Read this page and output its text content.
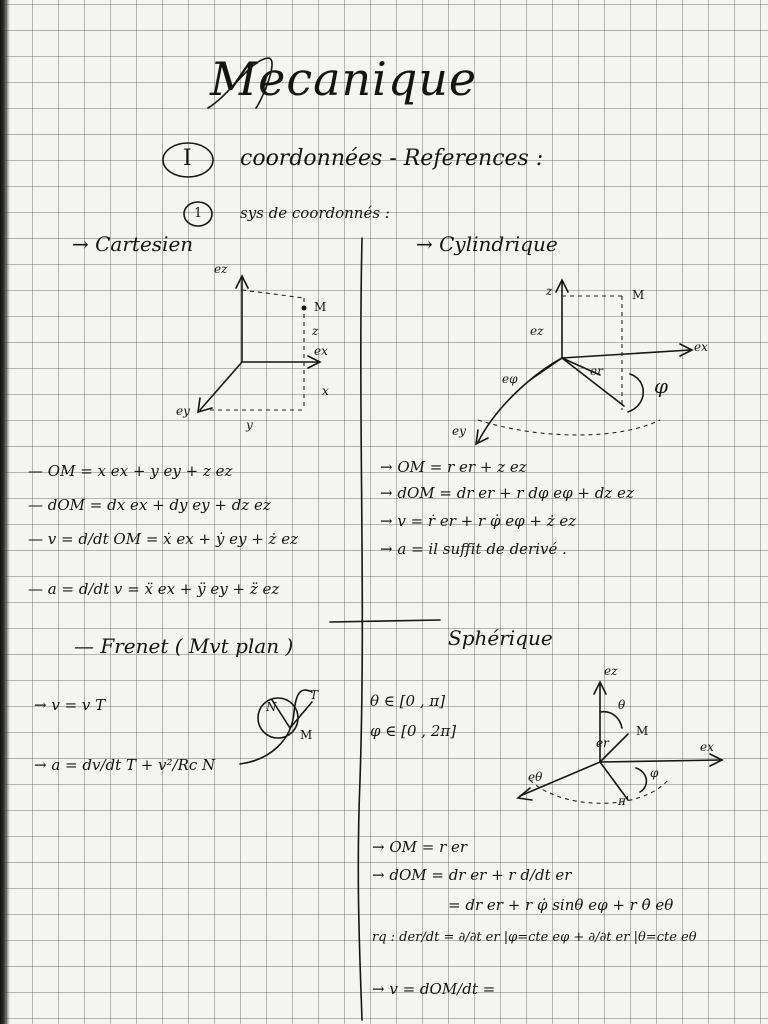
Mecanique
I coordonnées - References :
1	sys de coordonnés :
→ Cartesien
ez
M
z
ex
x
ey
y
— OM = x ex + y ey + z ez
— dOM = dx ex + dy ey + dz ez
— v = d/dt OM = ẋ ex + ẏ ey + ż ez
— a = d/dt v = ẍ ex + ÿ ey + z̈ ez
→ Cylindrique
z	M
ez
ex
eφ
er
φ
ey
→ OM = r er + z ez
→ dOM = dr er + r dφ eφ + dz ez
→ v = ṙ er + r φ̇ eφ + ż ez
→ a = il suffit de derivé .
— Frenet ( Mvt plan )
→ v = v T
→ a = dv/dt T + v²/Rc N
N
T
M
Sphérique
θ ∈ [0 , π]
φ ∈ [0 , 2π]
ez
θ
M
er	ex
eθ	φ
π'
→ OM = r er
→ dOM = dr er + r d/dt er
= dr er + r φ̇ sinθ eφ + r θ̇ eθ
rq : der/dt = ∂/∂t er |φ=cte eφ + ∂/∂t er |θ=cte eθ
→ v = dOM/dt =
